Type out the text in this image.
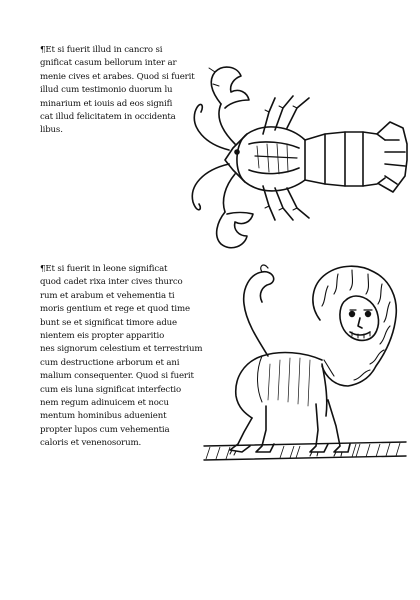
¶Et si fuerit illud in cancro si
gnificat casum bellorum inter ar
menie cives et arabes. Quod si fuerit
illud cum testimonio duorum lu
minarium et iouis ad eos signifi
cat illud felicitatem in occidenta
libus.
¶Et si fuerit in leone significat
quod cadet rixa inter cives thurco
rum et arabum et vehementia ti
moris gentium et rege et quod time
bunt se et significat timore adue
nientem eis propter apparitio
nes signorum celestium et terrestrium
cum destructione arborum et ani
malium consequenter. Quod si fuerit
cum eis luna significat interfectio
nem regum adinuicem et nocu
mentum hominibus aduenient
propter lupos cum vehementia
caloris et venenosorum.
